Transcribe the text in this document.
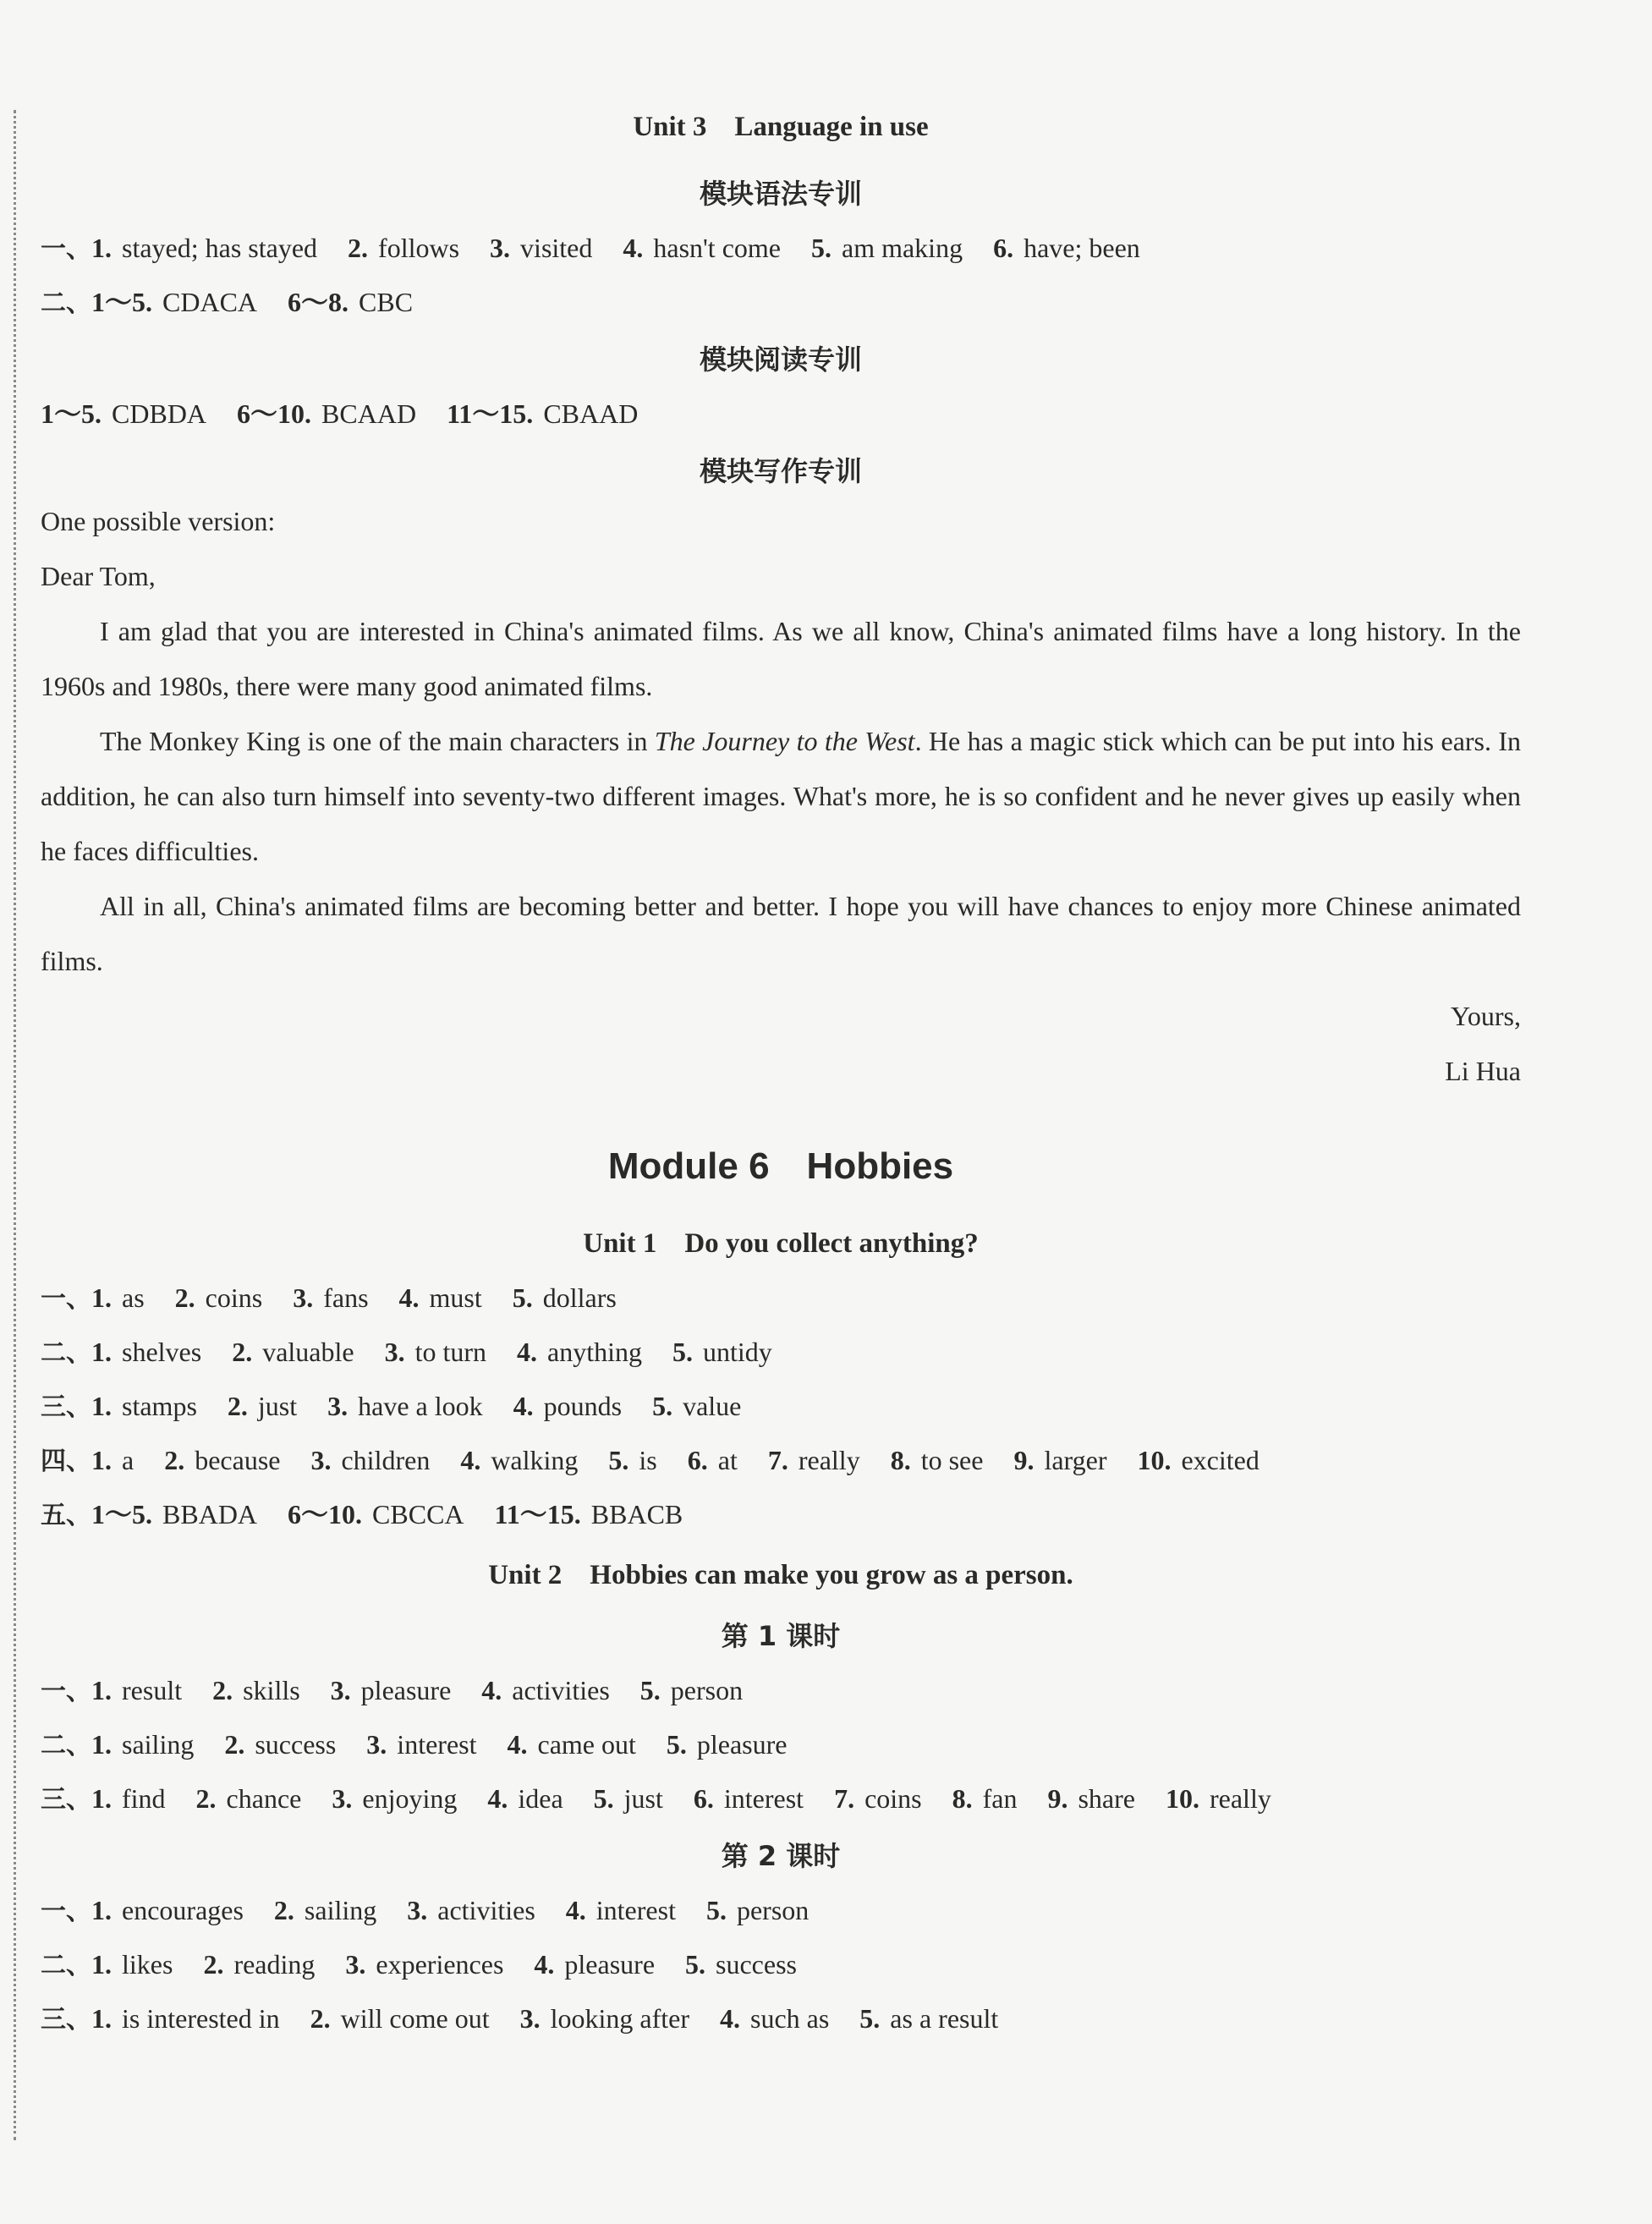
Unit 3 Language in use
模块语法专训
一、1. stayed; has stayed 2. follows 3. visited 4. hasn't come 5. am making 6. have; been
二、1～5. CDACA 6～8. CBC
模块阅读专训
1～5. CDBDA 6～10. BCAAD 11～15. CBAAD
模块写作专训

One possible version:

Dear Tom,

I am glad that you are interested in China's animated films. As we all know, China's animated films have a long history. In the 1960s and 1980s, there were many good animated films.

The Monkey King is one of the main characters in The Journey to the West. He has a magic stick which can be put into his ears. In addition, he can also turn himself into seventy-two different images. What's more, he is so confident and he never gives up easily when he faces difficulties.

All in all, China's animated films are becoming better and better. I hope you will have chances to enjoy more Chinese animated films.

Yours,

Li Hua

Module 6 Hobbies
Unit 1 Do you collect anything?
一、1. as 2. coins 3. fans 4. must 5. dollars
二、1. shelves 2. valuable 3. to turn 4. anything 5. untidy
三、1. stamps 2. just 3. have a look 4. pounds 5. value
四、1. a 2. because 3. children 4. walking 5. is 6. at 7. really 8. to see 9. larger 10. excited
五、1～5. BBADA 6～10. CBCCA 11～15. BBACB
Unit 2 Hobbies can make you grow as a person.
第 1 课时
一、1. result 2. skills 3. pleasure 4. activities 5. person
二、1. sailing 2. success 3. interest 4. came out 5. pleasure
三、1. find 2. chance 3. enjoying 4. idea 5. just 6. interest 7. coins 8. fan 9. share 10. really
第 2 课时
一、1. encourages 2. sailing 3. activities 4. interest 5. person
二、1. likes 2. reading 3. experiences 4. pleasure 5. success
三、1. is interested in 2. will come out 3. looking after 4. such as 5. as a result
